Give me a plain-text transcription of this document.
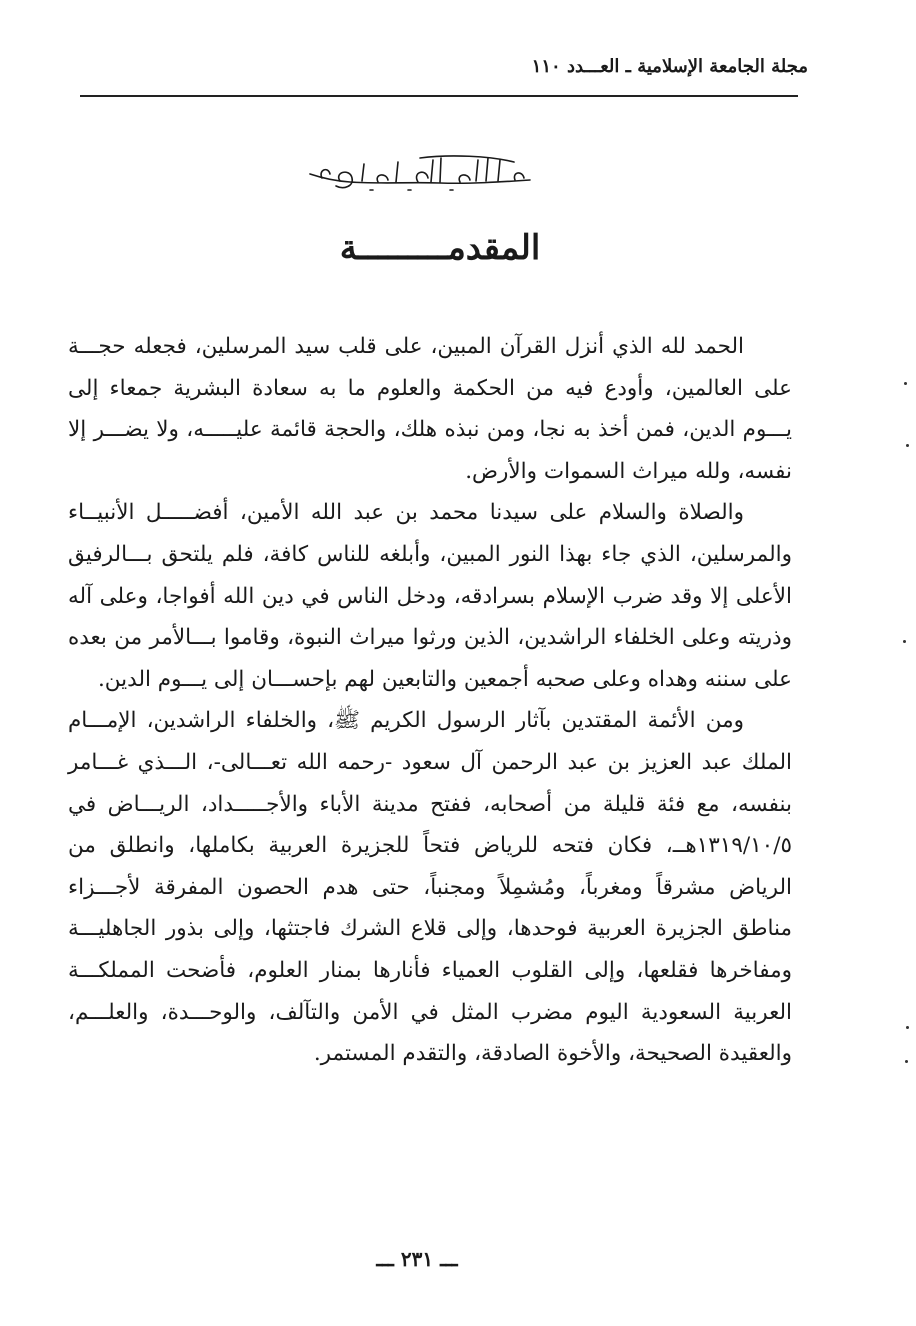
مجلة الجامعة الإسلامية ـ العـــدد ١١٠
المقدمـــــــــة

الحمد لله الذي أنزل القرآن المبين، على قلب سيد المرسلين، فجعله حجـــة على العالمين، وأودع فيه من الحكمة والعلوم ما به سعادة البشرية جمعاء إلى يـــوم الدين، فمن أخذ به نجا، ومن نبذه هلك، والحجة قائمة عليـــــه، ولا يضـــر إلا نفسه، ولله ميراث السموات والأرض.

والصلاة والسلام على سيدنا محمد بن عبد الله الأمين، أفضـــــل الأنبيــاء والمرسلين، الذي جاء بهذا النور المبين، وأبلغه للناس كافة، فلم يلتحق بـــالرفيق الأعلى إلا وقد ضرب الإسلام بسرادقه، ودخل الناس في دين الله أفواجا، وعلى آله وذريته وعلى الخلفاء الراشدين، الذين ورثوا ميراث النبوة، وقاموا بـــالأمر من بعده على سننه وهداه وعلى صحبه أجمعين والتابعين لهم بإحســـان إلى يـــوم الدين.

ومن الأئمة المقتدين بآثار الرسول الكريم ﷺ، والخلفاء الراشدين، الإمـــام الملك عبد العزيز بن عبد الرحمن آل سعود -رحمه الله تعـــالى-، الـــذي غـــامر بنفسه، مع فئة قليلة من أصحابه، ففتح مدينة الأباء والأجـــــداد، الريـــاض في ١٣١٩/١٠/٥هــ، فكان فتحه للرياض فتحاً للجزيرة العربية بكاملها، وانطلق من الرياض مشرقاً ومغرباً، ومُشمِلاً ومجنباً، حتى هدم الحصون المفرقة لأجـــزاء مناطق الجزيرة العربية فوحدها، وإلى قلاع الشرك فاجتثها، وإلى بذور الجاهليـــة ومفاخرها فقلعها، وإلى القلوب العمياء فأنارها بمنار العلوم، فأضحت المملكـــة العربية السعودية اليوم مضرب المثل في الأمن والتآلف، والوحـــدة، والعلـــم، والعقيدة الصحيحة، والأخوة الصادقة، والتقدم المستمر.

ـــ ٢٣١ ـــ
